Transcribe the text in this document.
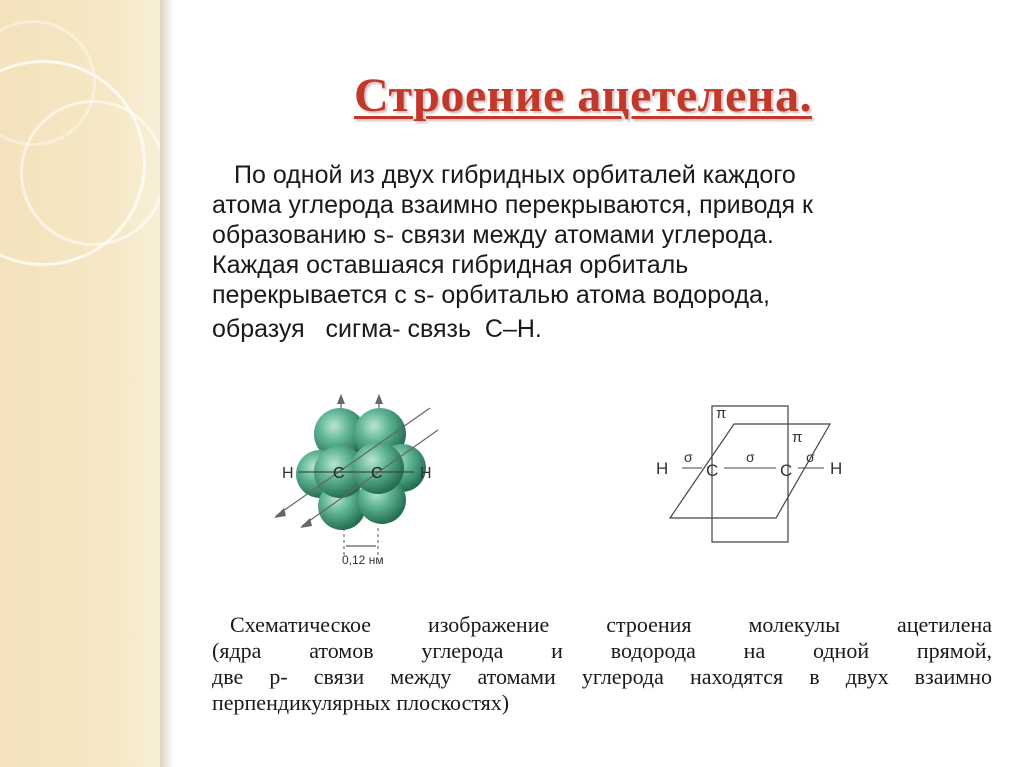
Строение ацетелена.
По одной из двух гибридных орбиталей каждого
атома углерода взаимно перекрываются, приводя к
образованию s- связи между атомами углерода.
Каждая оставшаяся гибридная орбиталь
перекрывается с s- орбиталью атома водорода,
образуя   сигма- связь  С–Н.
H C C H
0,12 нм
π
π
H
σ
C
σ
C
σ
H
Схематическое изображение строения молекулы ацетилена
(ядра атомов углерода и водорода на одной прямой,
две p- связи между атомами углерода находятся в двух взаимно
перпендикулярных плоскостях)
